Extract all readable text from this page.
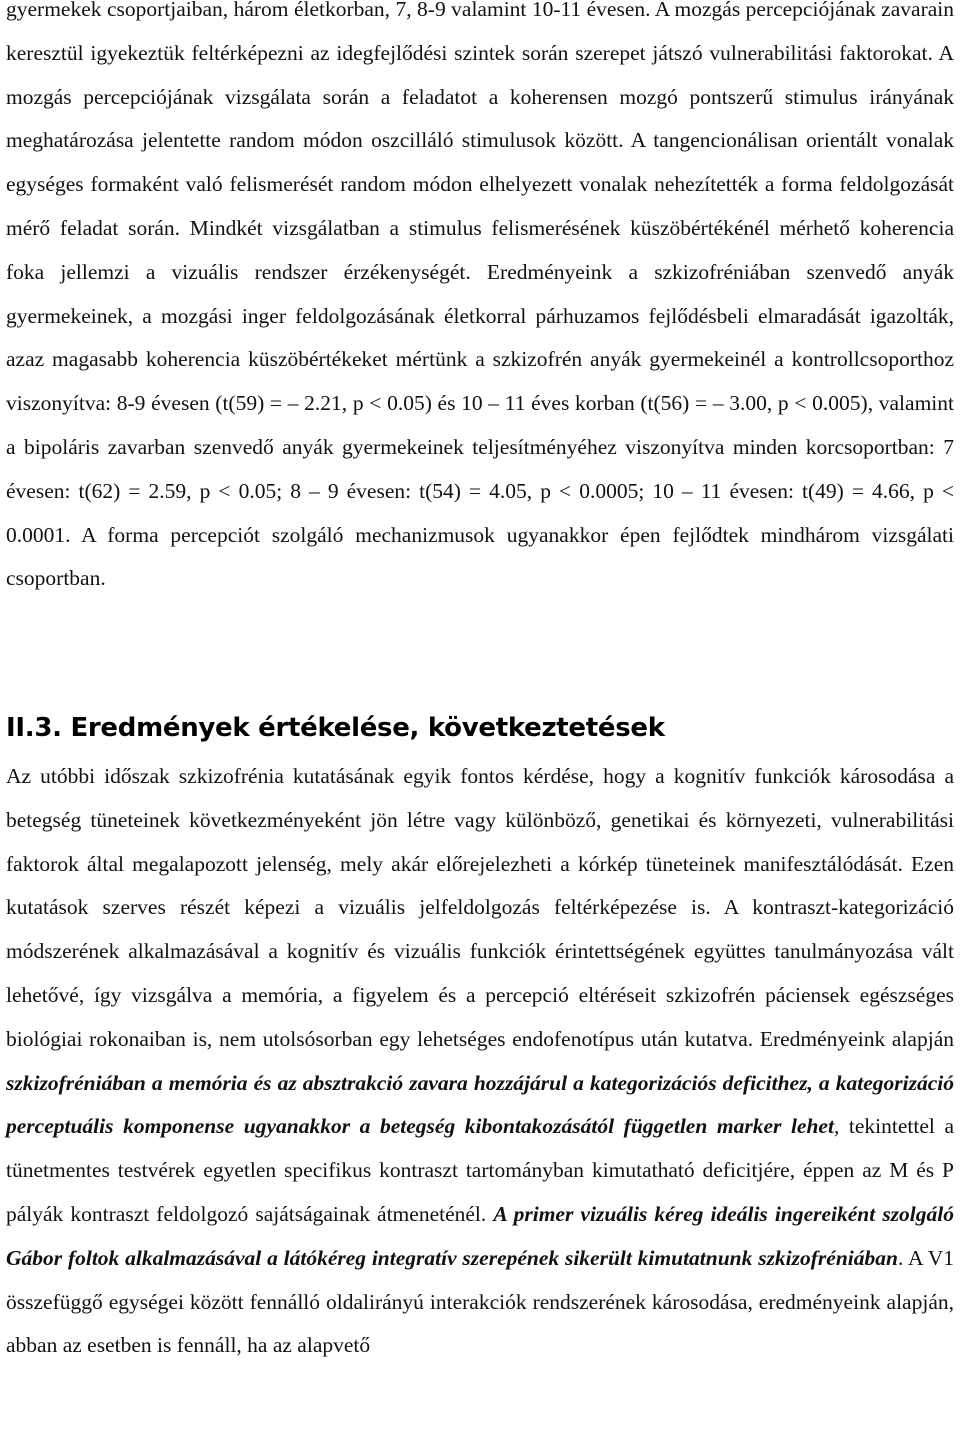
gyermekek csoportjaiban, három életkorban, 7, 8-9 valamint 10-11 évesen. A mozgás percepciójának zavarain keresztül igyekeztük feltérképezni az idegfejlődési szintek során szerepet játszó vulnerabilitási faktorokat. A mozgás percepciójának vizsgálata során a feladatot a koherensen mozgó pontszerű stimulus irányának meghatározása jelentette random módon oszcilláló stimulusok között. A tangencionálisan orientált vonalak egységes formaként való felismerését random módon elhelyezett vonalak nehezítették a forma feldolgozását mérő feladat során. Mindkét vizsgálatban a stimulus felismerésének küszöbértékénél mérhető koherencia foka jellemzi a vizuális rendszer érzékenységét. Eredményeink a szkizofréniában szenvedő anyák gyermekeinek, a mozgási inger feldolgozásának életkorral párhuzamos fejlődésbeli elmaradását igazolták, azaz magasabb koherencia küszöbértékeket mértünk a szkizofrén anyák gyermekeinél a kontrollcsoporthoz viszonyítva: 8-9 évesen (t(59) = – 2.21, p < 0.05) és 10 – 11 éves korban (t(56) = – 3.00, p < 0.005), valamint a bipoláris zavarban szenvedő anyák gyermekeinek teljesítményéhez viszonyítva minden korcsoportban: 7 évesen: t(62) = 2.59, p < 0.05; 8 – 9 évesen: t(54) = 4.05, p < 0.0005; 10 – 11 évesen: t(49) = 4.66, p < 0.0001. A forma percepciót szolgáló mechanizmusok ugyanakkor épen fejlődtek mindhárom vizsgálati csoportban.

II.3. Eredmények értékelése, következtetések

Az utóbbi időszak szkizofrénia kutatásának egyik fontos kérdése, hogy a kognitív funkciók károsodása a betegség tüneteinek következményeként jön létre vagy különböző, genetikai és környezeti, vulnerabilitási faktorok által megalapozott jelenség, mely akár előrejelezheti a kórkép tüneteinek manifesztálódását. Ezen kutatások szerves részét képezi a vizuális jelfeldolgozás feltérképezése is. A kontraszt-kategorizáció módszerének alkalmazásával a kognitív és vizuális funkciók érintettségének együttes tanulmányozása vált lehetővé, így vizsgálva a memória, a figyelem és a percepció eltéréseit szkizofrén páciensek egészséges biológiai rokonaiban is, nem utolsósorban egy lehetséges endofenotípus után kutatva. Eredményeink alapján szkizofréniában a memória és az absztrakció zavara hozzájárul a kategorizációs deficithez, a kategorizáció perceptuális komponense ugyanakkor a betegség kibontakozásától független marker lehet, tekintettel a tünetmentes testvérek egyetlen specifikus kontraszt tartományban kimutatható deficitjére, éppen az M és P pályák kontraszt feldolgozó sajátságainak átmeneténél. A primer vizuális kéreg ideális ingereiként szolgáló Gábor foltok alkalmazásával a látókéreg integratív szerepének sikerült kimutatnunk szkizofréniában. A V1 összefüggő egységei között fennálló oldalirányú interakciók rendszerének károsodása, eredményeink alapján, abban az esetben is fennáll, ha az alapvető
